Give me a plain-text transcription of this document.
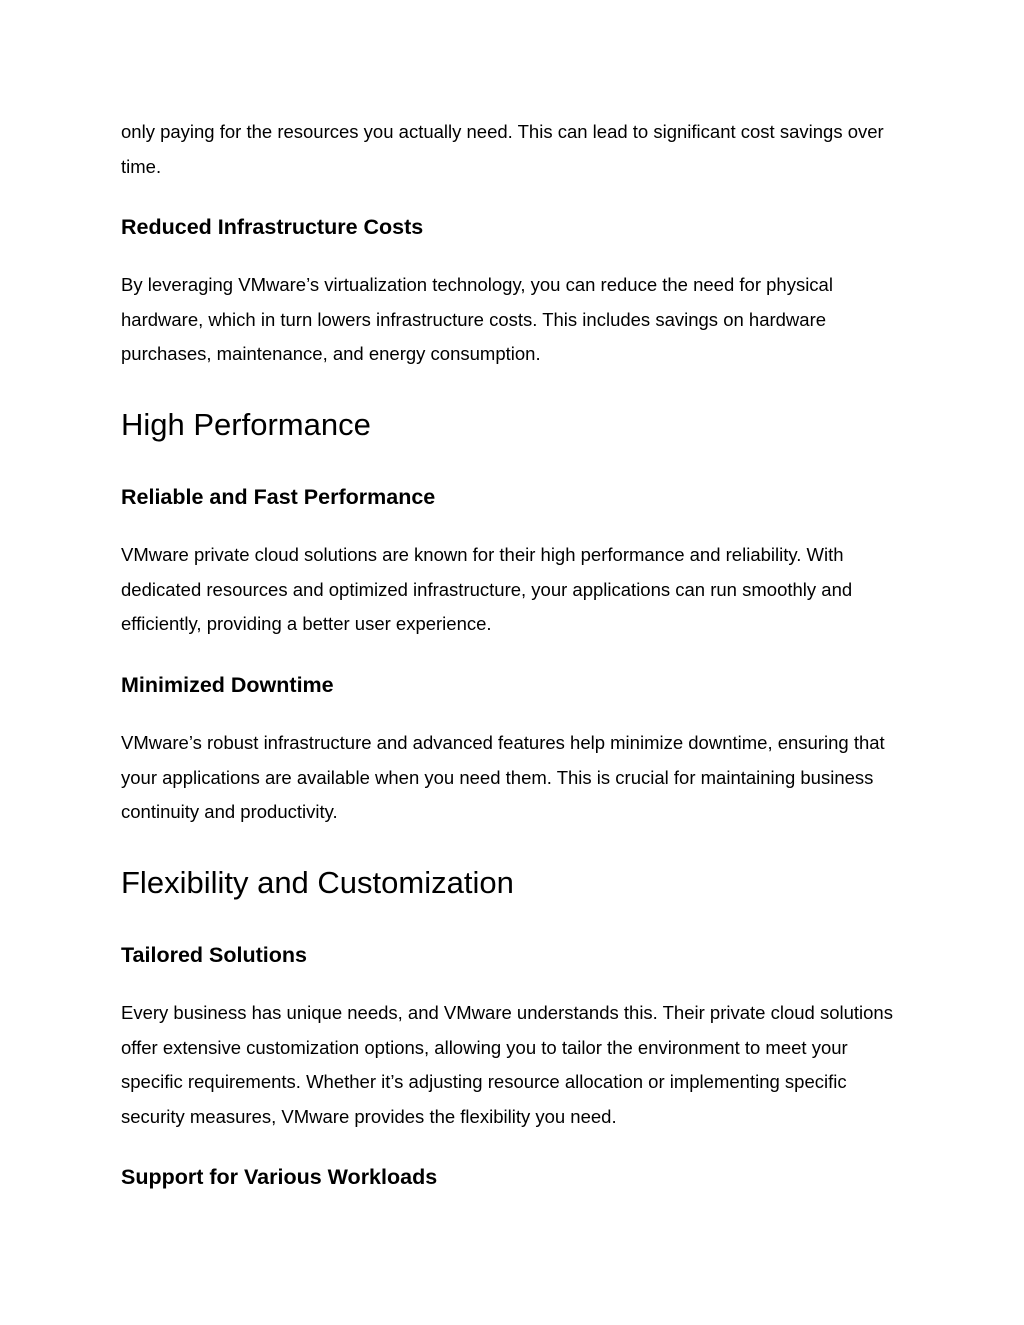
only paying for the resources you actually need. This can lead to significant cost savings over time.

Reduced Infrastructure Costs

By leveraging VMware’s virtualization technology, you can reduce the need for physical hardware, which in turn lowers infrastructure costs. This includes savings on hardware purchases, maintenance, and energy consumption.

High Performance
Reliable and Fast Performance

VMware private cloud solutions are known for their high performance and reliability. With dedicated resources and optimized infrastructure, your applications can run smoothly and efficiently, providing a better user experience.

Minimized Downtime

VMware’s robust infrastructure and advanced features help minimize downtime, ensuring that your applications are available when you need them. This is crucial for maintaining business continuity and productivity.

Flexibility and Customization
Tailored Solutions

Every business has unique needs, and VMware understands this. Their private cloud solutions offer extensive customization options, allowing you to tailor the environment to meet your specific requirements. Whether it’s adjusting resource allocation or implementing specific security measures, VMware provides the flexibility you need.

Support for Various Workloads
